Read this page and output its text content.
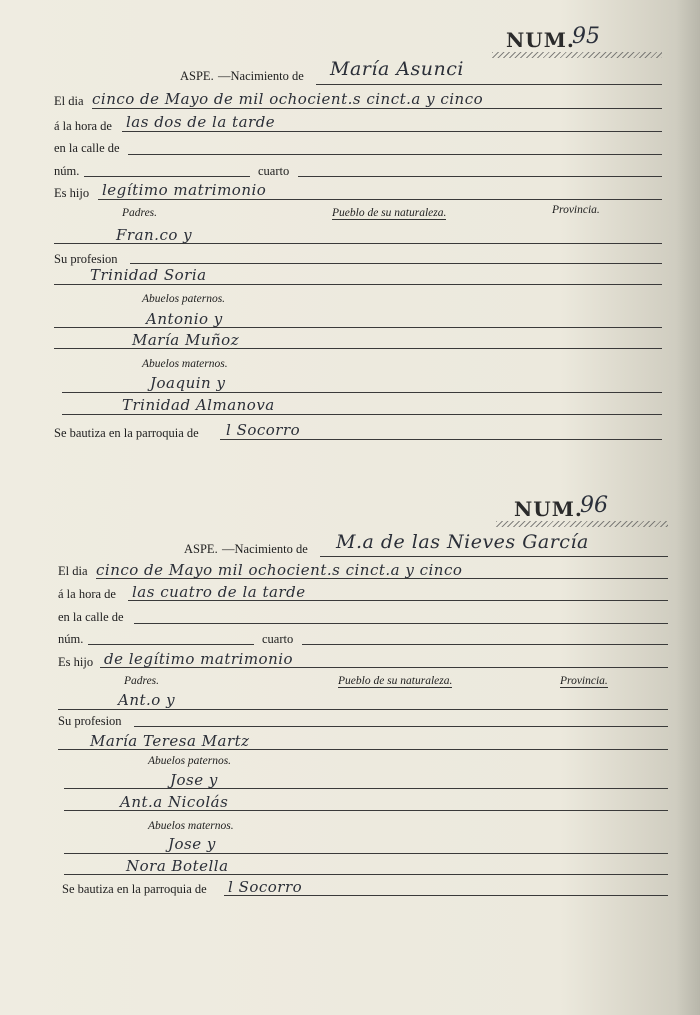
NUM.
95
ASPE. —Nacimiento de María Asunci
El dia cinco de Mayo de mil ochocient.s cinct.a y cinco
á la hora de las dos de la tarde
en la calle de
núm.	cuarto
Es hijo legítimo matrimonio
Padres.	Pueblo de su naturaleza.	Provincia.
Fran.co y
Su profesion
Trinidad Soria
Abuelos paternos.
Antonio y
María Muñoz
Abuelos maternos.
Joaquin y
Trinidad Almanova
Se bautiza en la parroquia de l Socorro
NUM.
96
ASPE. —Nacimiento de M.a de las Nieves García
El dia cinco de Mayo mil ochocient.s cinct.a y cinco
á la hora de las cuatro de la tarde
en la calle de
núm.	cuarto
Es hijo de legítimo matrimonio
Padres.	Pueblo de su naturaleza.	Provincia.
Ant.o y
Su profesion
María Teresa Martz
Abuelos paternos.
Jose y
Ant.a Nicolás
Abuelos maternos.
Jose y
Nora Botella
Se bautiza en la parroquia de l Socorro
